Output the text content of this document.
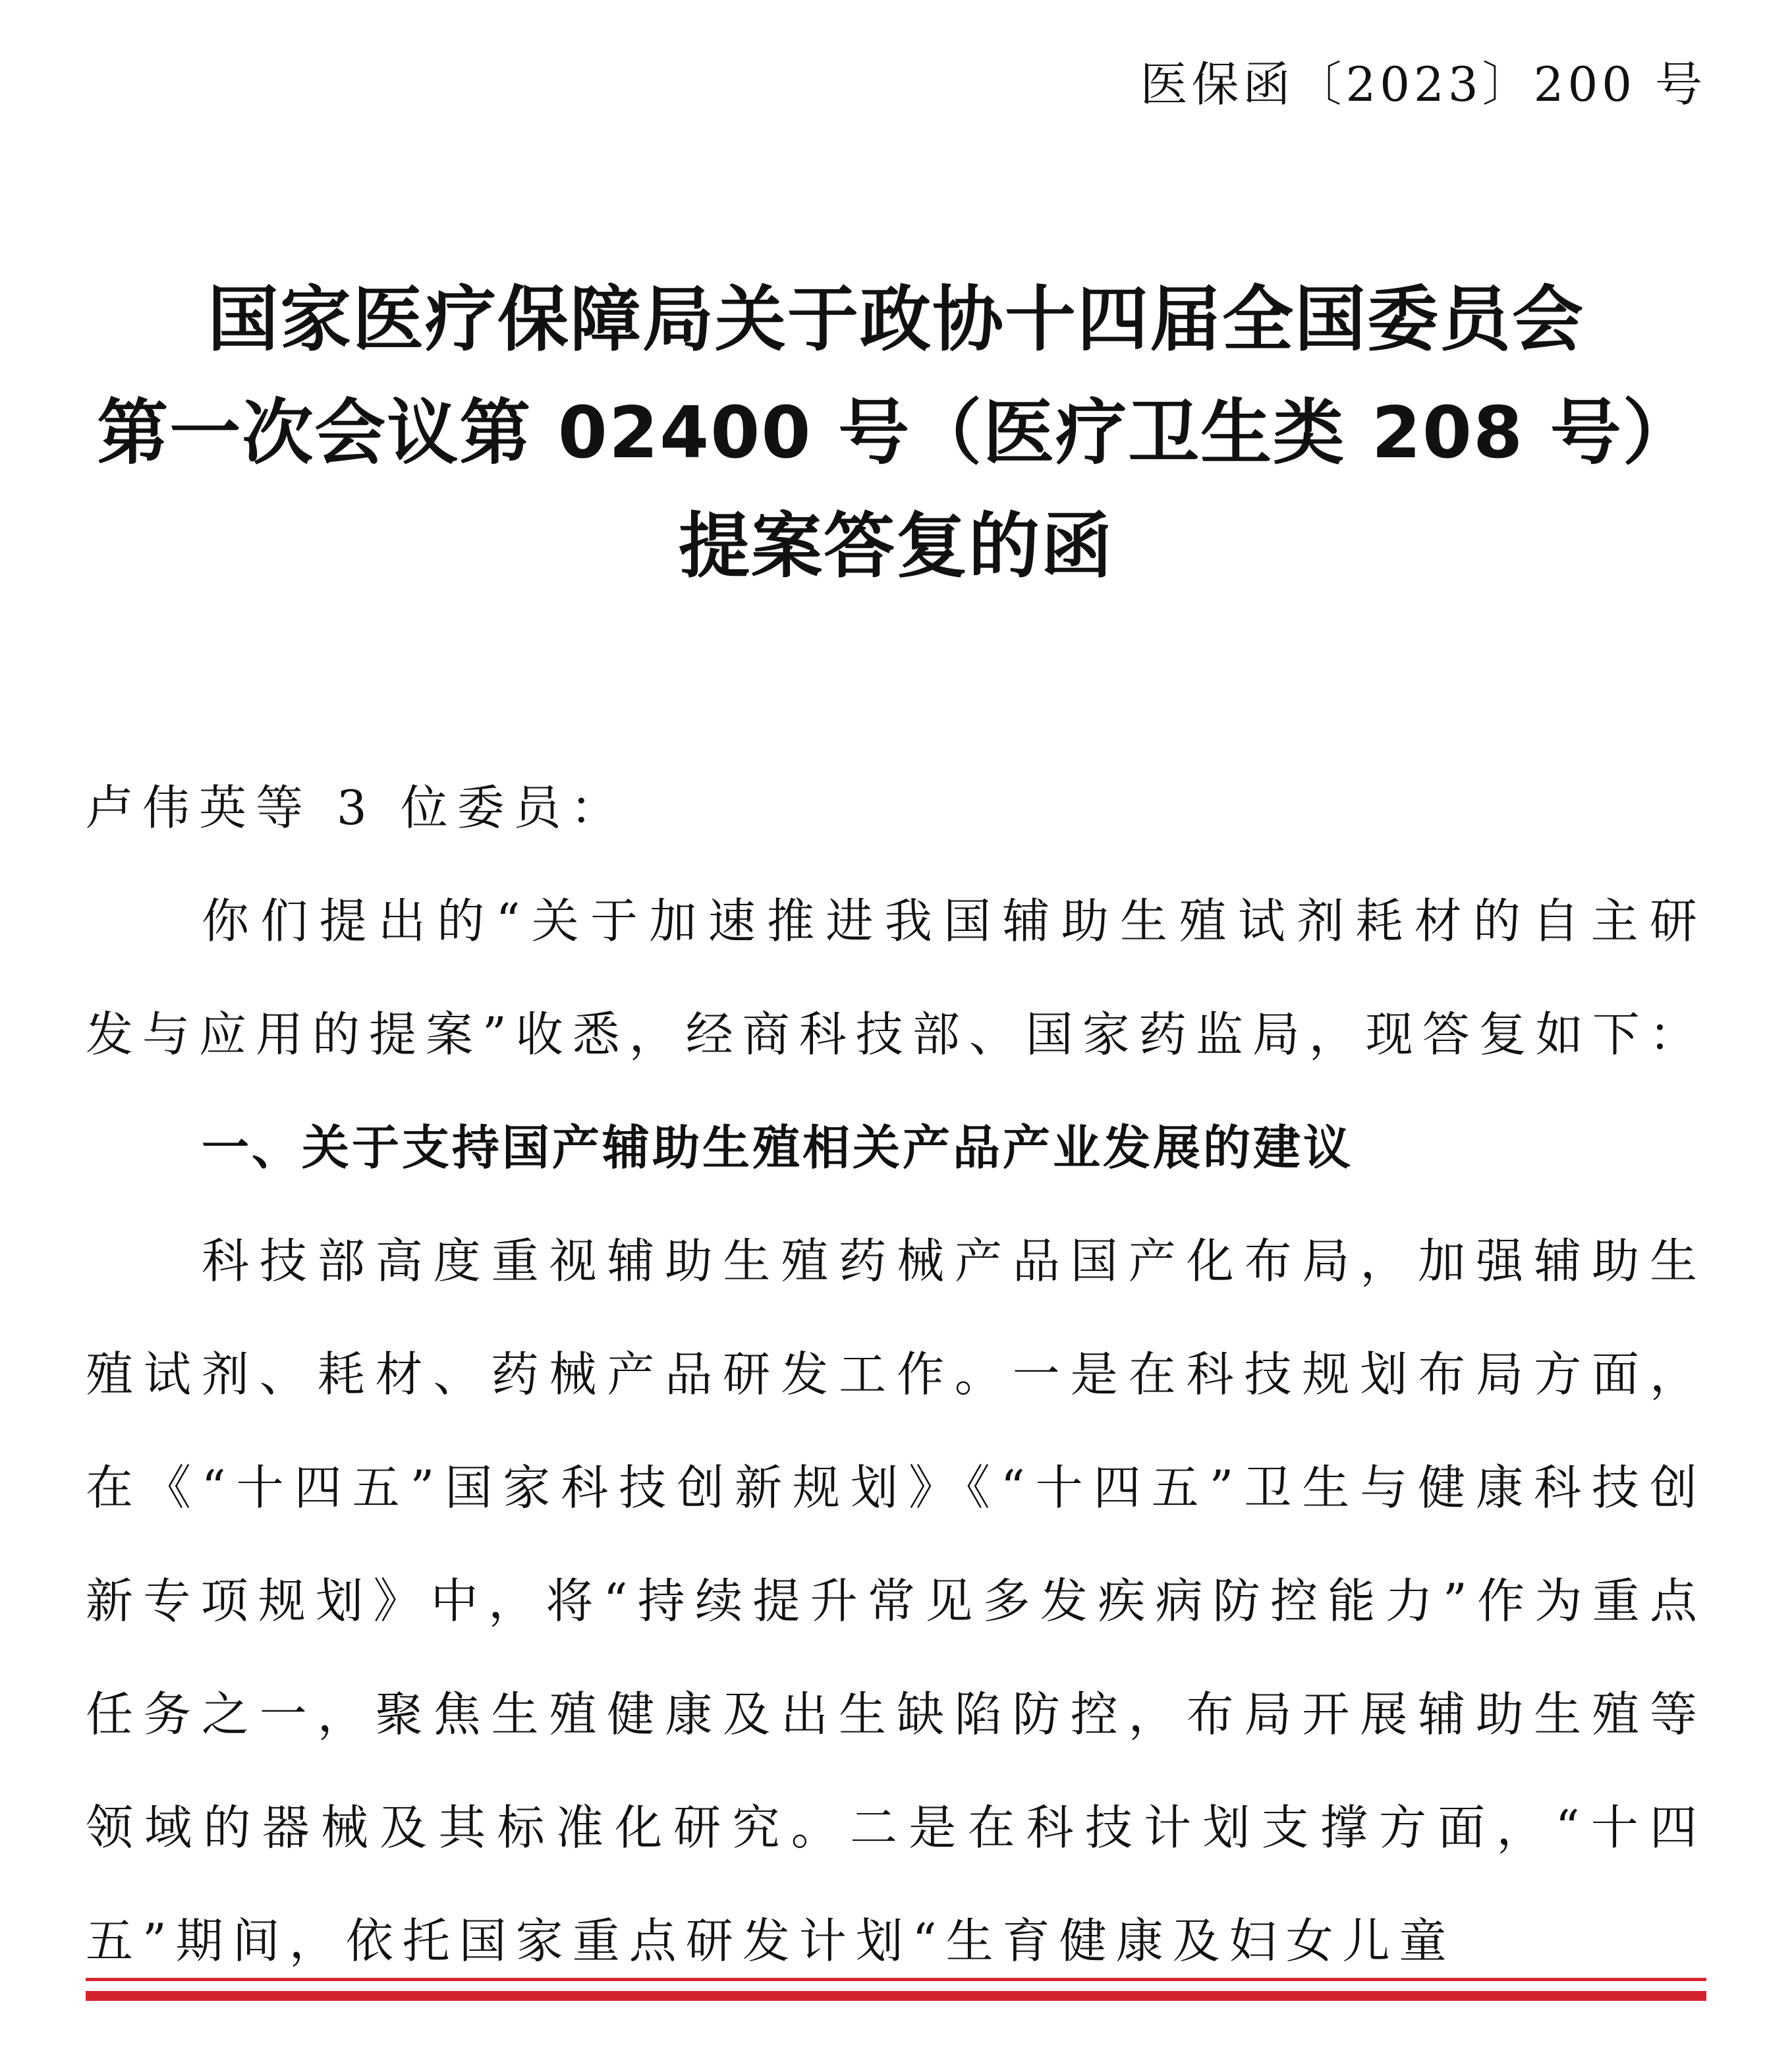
医保函〔2023〕200 号
国家医疗保障局关于政协十四届全国委员会
第一次会议第 02400 号（医疗卫生类 208 号）
提案答复的函

卢伟英等 3 位委员：

你们提出的“关于加速推进我国辅助生殖试剂耗材的自主研发与应用的提案”收悉，经商科技部、国家药监局，现答复如下：

一、关于支持国产辅助生殖相关产品产业发展的建议

科技部高度重视辅助生殖药械产品国产化布局，加强辅助生殖试剂、耗材、药械产品研发工作。一是在科技规划布局方面，在《“十四五”国家科技创新规划》《“十四五”卫生与健康科技创新专项规划》中，将“持续提升常见多发疾病防控能力”作为重点任务之一，聚焦生殖健康及出生缺陷防控，布局开展辅助生殖等领域的器械及其标准化研究。二是在科技计划支撑方面，“十四五”期间，依托国家重点研发计划“生育健康及妇女儿童
